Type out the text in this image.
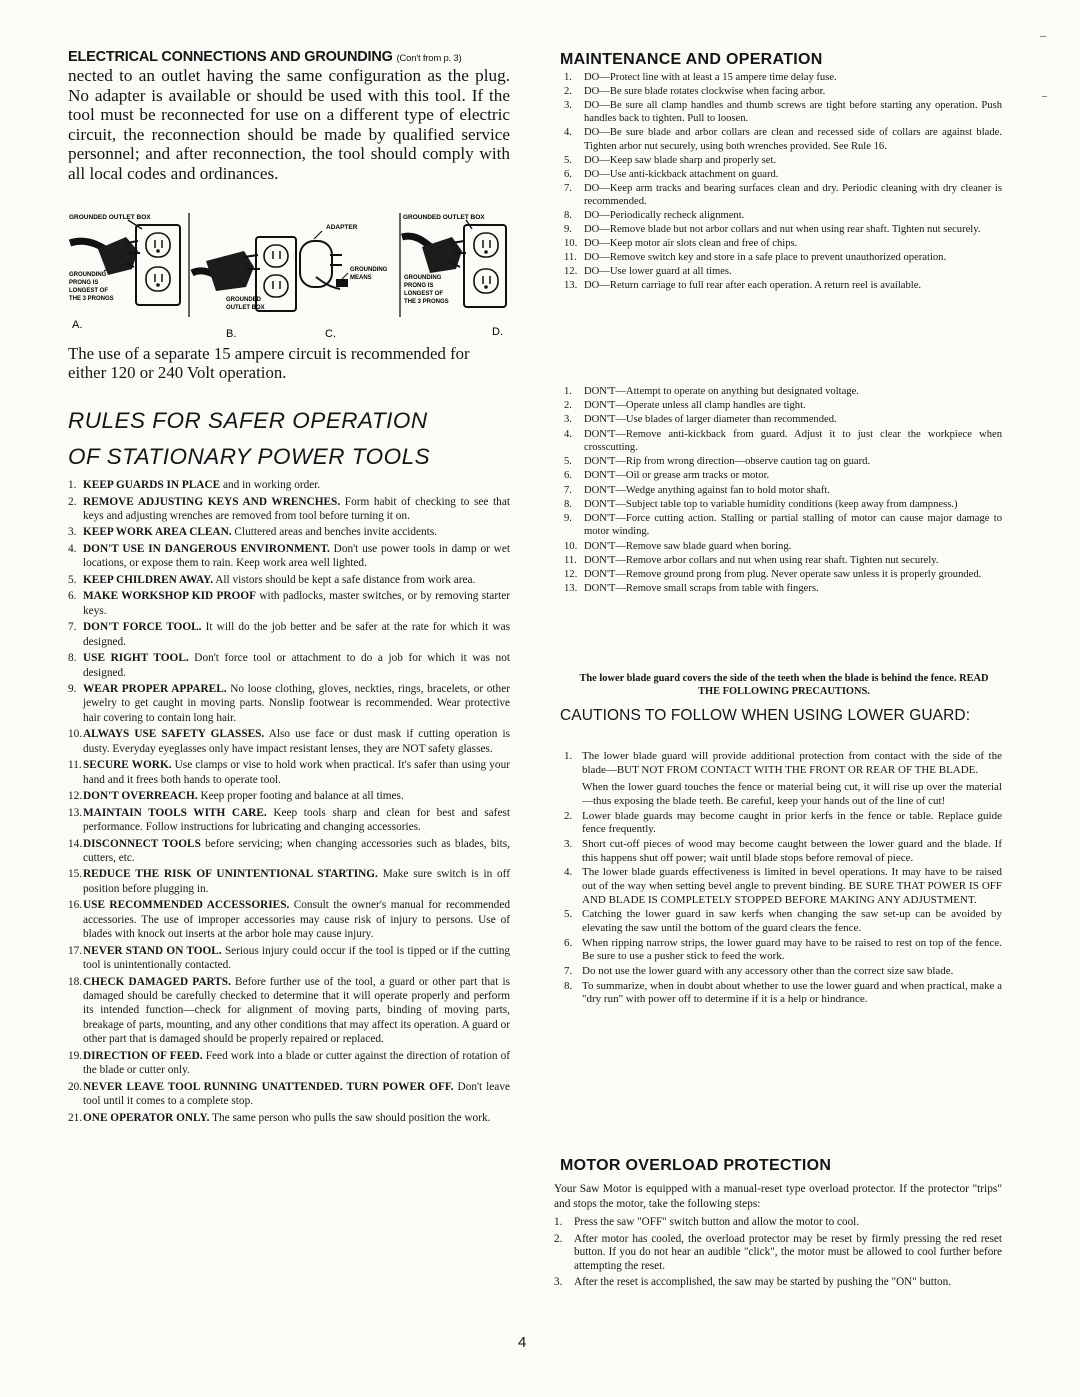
ELECTRICAL CONNECTIONS AND GROUNDING (Con't from p. 3)

nected to an outlet having the same configuration as the plug. No adapter is available or should be used with this tool. If the tool must be reconnected for use on a different type of electric circuit, the reconnection should be made by qualified service personnel; and after reconnection, the tool should comply with all local codes and ordinances.

GROUNDED OUTLET BOX
GROUNDING PRONG IS LONGEST OF THE 3 PRONGS
A.
GROUNDED OUTLET BOX
B.
ADAPTER
GROUNDING MEANS
C.
GROUNDED OUTLET BOX
GROUNDING PRONG IS LONGEST OF THE 3 PRONGS
D.

The use of a separate 15 ampere circuit is recommended for either 120 or 240 Volt operation.

RULES FOR SAFER OPERATION
OF STATIONARY POWER TOOLS
1. KEEP GUARDS IN PLACE and in working order.
2. REMOVE ADJUSTING KEYS AND WRENCHES. Form habit of checking to see that keys and adjusting wrenches are removed from tool before turning it on.
3. KEEP WORK AREA CLEAN. Cluttered areas and benches invite accidents.
4. DON'T USE IN DANGEROUS ENVIRONMENT. Don't use power tools in damp or wet locations, or expose them to rain. Keep work area well lighted.
5. KEEP CHILDREN AWAY. All vistors should be kept a safe distance from work area.
6. MAKE WORKSHOP KID PROOF with padlocks, master switches, or by removing starter keys.
7. DON'T FORCE TOOL. It will do the job better and be safer at the rate for which it was designed.
8. USE RIGHT TOOL. Don't force tool or attachment to do a job for which it was not designed.
9. WEAR PROPER APPAREL. No loose clothing, gloves, neckties, rings, bracelets, or other jewelry to get caught in moving parts. Nonslip footwear is recommended. Wear protective hair covering to contain long hair.
10. ALWAYS USE SAFETY GLASSES. Also use face or dust mask if cutting operation is dusty. Everyday eyeglasses only have impact resistant lenses, they are NOT safety glasses.
11. SECURE WORK. Use clamps or vise to hold work when practical. It's safer than using your hand and it frees both hands to operate tool.
12. DON'T OVERREACH. Keep proper footing and balance at all times.
13. MAINTAIN TOOLS WITH CARE. Keep tools sharp and clean for best and safest performance. Follow instructions for lubricating and changing accessories.
14. DISCONNECT TOOLS before servicing; when changing accessories such as blades, bits, cutters, etc.
15. REDUCE THE RISK OF UNINTENTIONAL STARTING. Make sure switch is in off position before plugging in.
16. USE RECOMMENDED ACCESSORIES. Consult the owner's manual for recommended accessories. The use of improper accessories may cause risk of injury to persons. Use of blades with knock out inserts at the arbor hole may cause injury.
17. NEVER STAND ON TOOL. Serious injury could occur if the tool is tipped or if the cutting tool is unintentionally contacted.
18. CHECK DAMAGED PARTS. Before further use of the tool, a guard or other part that is damaged should be carefully checked to determine that it will operate properly and perform its intended function—check for alignment of moving parts, binding of moving parts, breakage of parts, mounting, and any other conditions that may affect its operation. A guard or other part that is damaged should be properly repaired or replaced.
19. DIRECTION OF FEED. Feed work into a blade or cutter against the direction of rotation of the blade or cutter only.
20. NEVER LEAVE TOOL RUNNING UNATTENDED. TURN POWER OFF. Don't leave tool until it comes to a complete stop.
21. ONE OPERATOR ONLY. The same person who pulls the saw should position the work.
4
MAINTENANCE AND OPERATION
1. DO—Protect line with at least a 15 ampere time delay fuse.
2. DO—Be sure blade rotates clockwise when facing arbor.
3. DO—Be sure all clamp handles and thumb screws are tight before starting any operation. Push handles back to tighten. Pull to loosen.
4. DO—Be sure blade and arbor collars are clean and recessed side of collars are against blade. Tighten arbor nut securely, using both wrenches provided. See Rule 16.
5. DO—Keep saw blade sharp and properly set.
6. DO—Use anti-kickback attachment on guard.
7. DO—Keep arm tracks and bearing surfaces clean and dry. Periodic cleaning with dry cleaner is recommended.
8. DO—Periodically recheck alignment.
9. DO—Remove blade but not arbor collars and nut when using rear shaft. Tighten nut securely.
10. DO—Keep motor air slots clean and free of chips.
11. DO—Remove switch key and store in a safe place to prevent unauthorized operation.
12. DO—Use lower guard at all times.
13. DO—Return carriage to full rear after each operation. A return reel is available.
1. DON'T—Attempt to operate on anything but designated voltage.
2. DON'T—Operate unless all clamp handles are tight.
3. DON'T—Use blades of larger diameter than recommended.
4. DON'T—Remove anti-kickback from guard. Adjust it to just clear the workpiece when crosscutting.
5. DON'T—Rip from wrong direction—observe caution tag on guard.
6. DON'T—Oil or grease arm tracks or motor.
7. DON'T—Wedge anything against fan to hold motor shaft.
8. DON'T—Subject table top to variable humidity conditions (keep away from dampness.)
9. DON'T—Force cutting action. Stalling or partial stalling of motor can cause major damage to motor winding.
10. DON'T—Remove saw blade guard when boring.
11. DON'T—Remove arbor collars and nut when using rear shaft. Tighten nut securely.
12. DON'T—Remove ground prong from plug. Never operate saw unless it is properly grounded.
13. DON'T—Remove small scraps from table with fingers.

The lower blade guard covers the side of the teeth when the blade is behind the fence. READ THE FOLLOWING PRECAUTIONS.

CAUTIONS TO FOLLOW WHEN USING LOWER GUARD:
1. The lower blade guard will provide additional protection from contact with the side of the blade—BUT NOT FROM CONTACT WITH THE FRONT OR REAR OF THE BLADE.

When the lower guard touches the fence or material being cut, it will rise up over the material—thus exposing the blade teeth. Be careful, keep your hands out of the line of cut!

2. Lower blade guards may become caught in prior kerfs in the fence or table. Replace guide fence frequently.

3. Short cut-off pieces of wood may become caught between the lower guard and the blade. If this happens shut off power; wait until blade stops before removal of piece.

4. The lower blade guards effectiveness is limited in bevel operations. It may have to be raised out of the way when setting bevel angle to prevent binding. BE SURE THAT POWER IS OFF AND BLADE IS COMPLETELY STOPPED BEFORE MAKING ANY ADJUSTMENT.

5. Catching the lower guard in saw kerfs when changing the saw set-up can be avoided by elevating the saw until the bottom of the guard clears the fence.

6. When ripping narrow strips, the lower guard may have to be raised to rest on top of the fence. Be sure to use a pusher stick to feed the work.

7. Do not use the lower guard with any accessory other than the correct size saw blade.

8. To summarize, when in doubt about whether to use the lower guard and when practical, make a "dry run" with power off to determine if it is a help or hindrance.

MOTOR OVERLOAD PROTECTION

Your Saw Motor is equipped with a manual-reset type overload protector. If the protector "trips" and stops the motor, take the following steps:

1. Press the saw "OFF" switch button and allow the motor to cool.
2. After motor has cooled, the overload protector may be reset by firmly pressing the red reset button. If you do not hear an audible "click", the motor must be allowed to cool further before attempting the reset.
3. After the reset is accomplished, the saw may be started by pushing the "ON" button.
